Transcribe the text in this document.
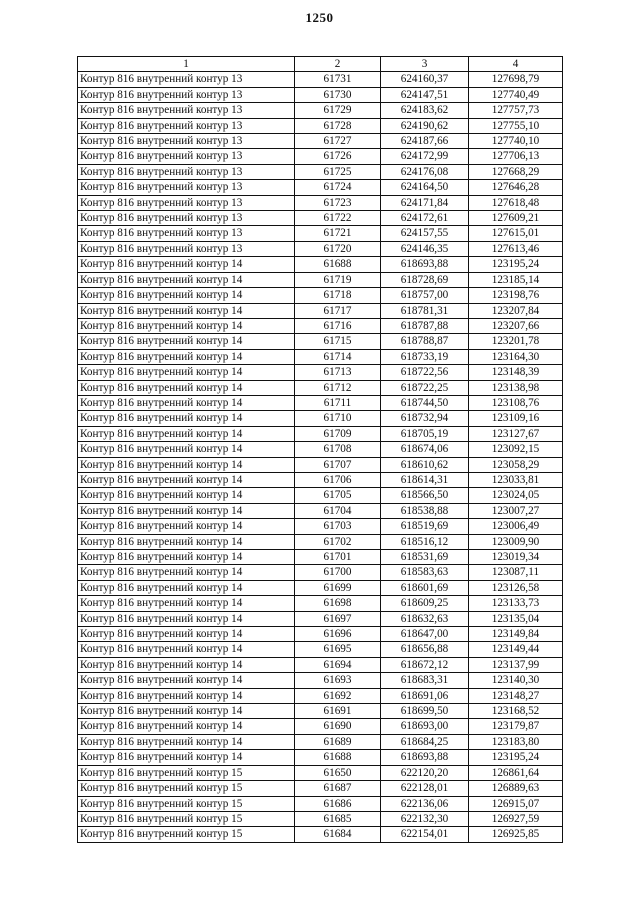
1250
1	2	3	4
Контур 816 внутренний контур 13	61731	624160,37	127698,79
Контур 816 внутренний контур 13	61730	624147,51	127740,49
Контур 816 внутренний контур 13	61729	624183,62	127757,73
Контур 816 внутренний контур 13	61728	624190,62	127755,10
Контур 816 внутренний контур 13	61727	624187,66	127740,10
Контур 816 внутренний контур 13	61726	624172,99	127706,13
Контур 816 внутренний контур 13	61725	624176,08	127668,29
Контур 816 внутренний контур 13	61724	624164,50	127646,28
Контур 816 внутренний контур 13	61723	624171,84	127618,48
Контур 816 внутренний контур 13	61722	624172,61	127609,21
Контур 816 внутренний контур 13	61721	624157,55	127615,01
Контур 816 внутренний контур 13	61720	624146,35	127613,46
Контур 816 внутренний контур 14	61688	618693,88	123195,24
Контур 816 внутренний контур 14	61719	618728,69	123185,14
Контур 816 внутренний контур 14	61718	618757,00	123198,76
Контур 816 внутренний контур 14	61717	618781,31	123207,84
Контур 816 внутренний контур 14	61716	618787,88	123207,66
Контур 816 внутренний контур 14	61715	618788,87	123201,78
Контур 816 внутренний контур 14	61714	618733,19	123164,30
Контур 816 внутренний контур 14	61713	618722,56	123148,39
Контур 816 внутренний контур 14	61712	618722,25	123138,98
Контур 816 внутренний контур 14	61711	618744,50	123108,76
Контур 816 внутренний контур 14	61710	618732,94	123109,16
Контур 816 внутренний контур 14	61709	618705,19	123127,67
Контур 816 внутренний контур 14	61708	618674,06	123092,15
Контур 816 внутренний контур 14	61707	618610,62	123058,29
Контур 816 внутренний контур 14	61706	618614,31	123033,81
Контур 816 внутренний контур 14	61705	618566,50	123024,05
Контур 816 внутренний контур 14	61704	618538,88	123007,27
Контур 816 внутренний контур 14	61703	618519,69	123006,49
Контур 816 внутренний контур 14	61702	618516,12	123009,90
Контур 816 внутренний контур 14	61701	618531,69	123019,34
Контур 816 внутренний контур 14	61700	618583,63	123087,11
Контур 816 внутренний контур 14	61699	618601,69	123126,58
Контур 816 внутренний контур 14	61698	618609,25	123133,73
Контур 816 внутренний контур 14	61697	618632,63	123135,04
Контур 816 внутренний контур 14	61696	618647,00	123149,84
Контур 816 внутренний контур 14	61695	618656,88	123149,44
Контур 816 внутренний контур 14	61694	618672,12	123137,99
Контур 816 внутренний контур 14	61693	618683,31	123140,30
Контур 816 внутренний контур 14	61692	618691,06	123148,27
Контур 816 внутренний контур 14	61691	618699,50	123168,52
Контур 816 внутренний контур 14	61690	618693,00	123179,87
Контур 816 внутренний контур 14	61689	618684,25	123183,80
Контур 816 внутренний контур 14	61688	618693,88	123195,24
Контур 816 внутренний контур 15	61650	622120,20	126861,64
Контур 816 внутренний контур 15	61687	622128,01	126889,63
Контур 816 внутренний контур 15	61686	622136,06	126915,07
Контур 816 внутренний контур 15	61685	622132,30	126927,59
Контур 816 внутренний контур 15	61684	622154,01	126925,85
